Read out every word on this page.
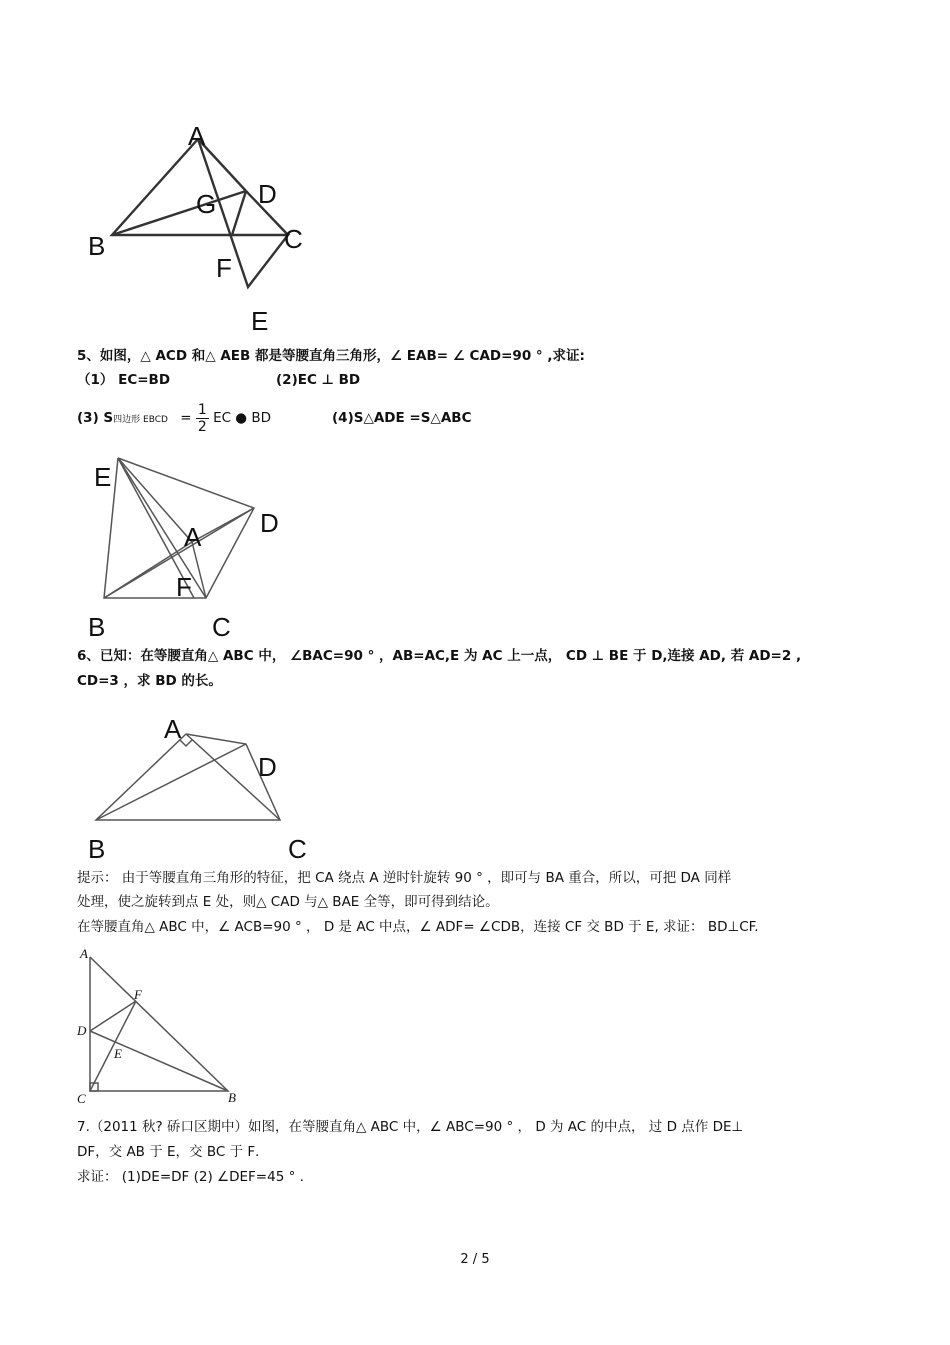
A
D
G
B	C
F
E
5、如图，△ ACD 和△ AEB 都是等腰直角三角形，∠ EAB= ∠ CAD=90 ° ,求证:
（1） EC=BD	(2)EC ⊥ BD
(3) S四边形 EBCD = $\frac{1}{2}$ EC ● BD	(4)S△ADE =S△ABC
E
D
A
F
B	C
6、已知：在等腰直角△ ABC 中， ∠BAC=90 ° ，AB=AC,E 为 AC 上一点， CD ⊥ BE 于 D,连接 AD, 若 AD=2 ,
CD=3 ，求 BD 的长。
A
D
B	C
提示： 由于等腰直角三角形的特征，把 CA 绕点 A 逆时针旋转 90 ° ，即可与 BA 重合，所以，可把 DA 同样
处理，使之旋转到点 E 处，则△ CAD 与△ BAE 全等，即可得到结论。
在等腰直角△ ABC 中，∠ ACB=90 ° ， D 是 AC 中点，∠ ADF= ∠CDB，连接 CF 交 BD 于 E, 求证： BD⊥CF.
A
F
D
E
C	B
7.（2011 秋? 硚口区期中）如图，在等腰直角△ ABC 中，∠ ABC=90 ° ， D 为 AC 的中点， 过 D 点作 DE⊥
DF，交 AB 于 E，交 BC 于 F．
求证： (1)DE=DF (2) ∠DEF=45 ° .
2 / 5
